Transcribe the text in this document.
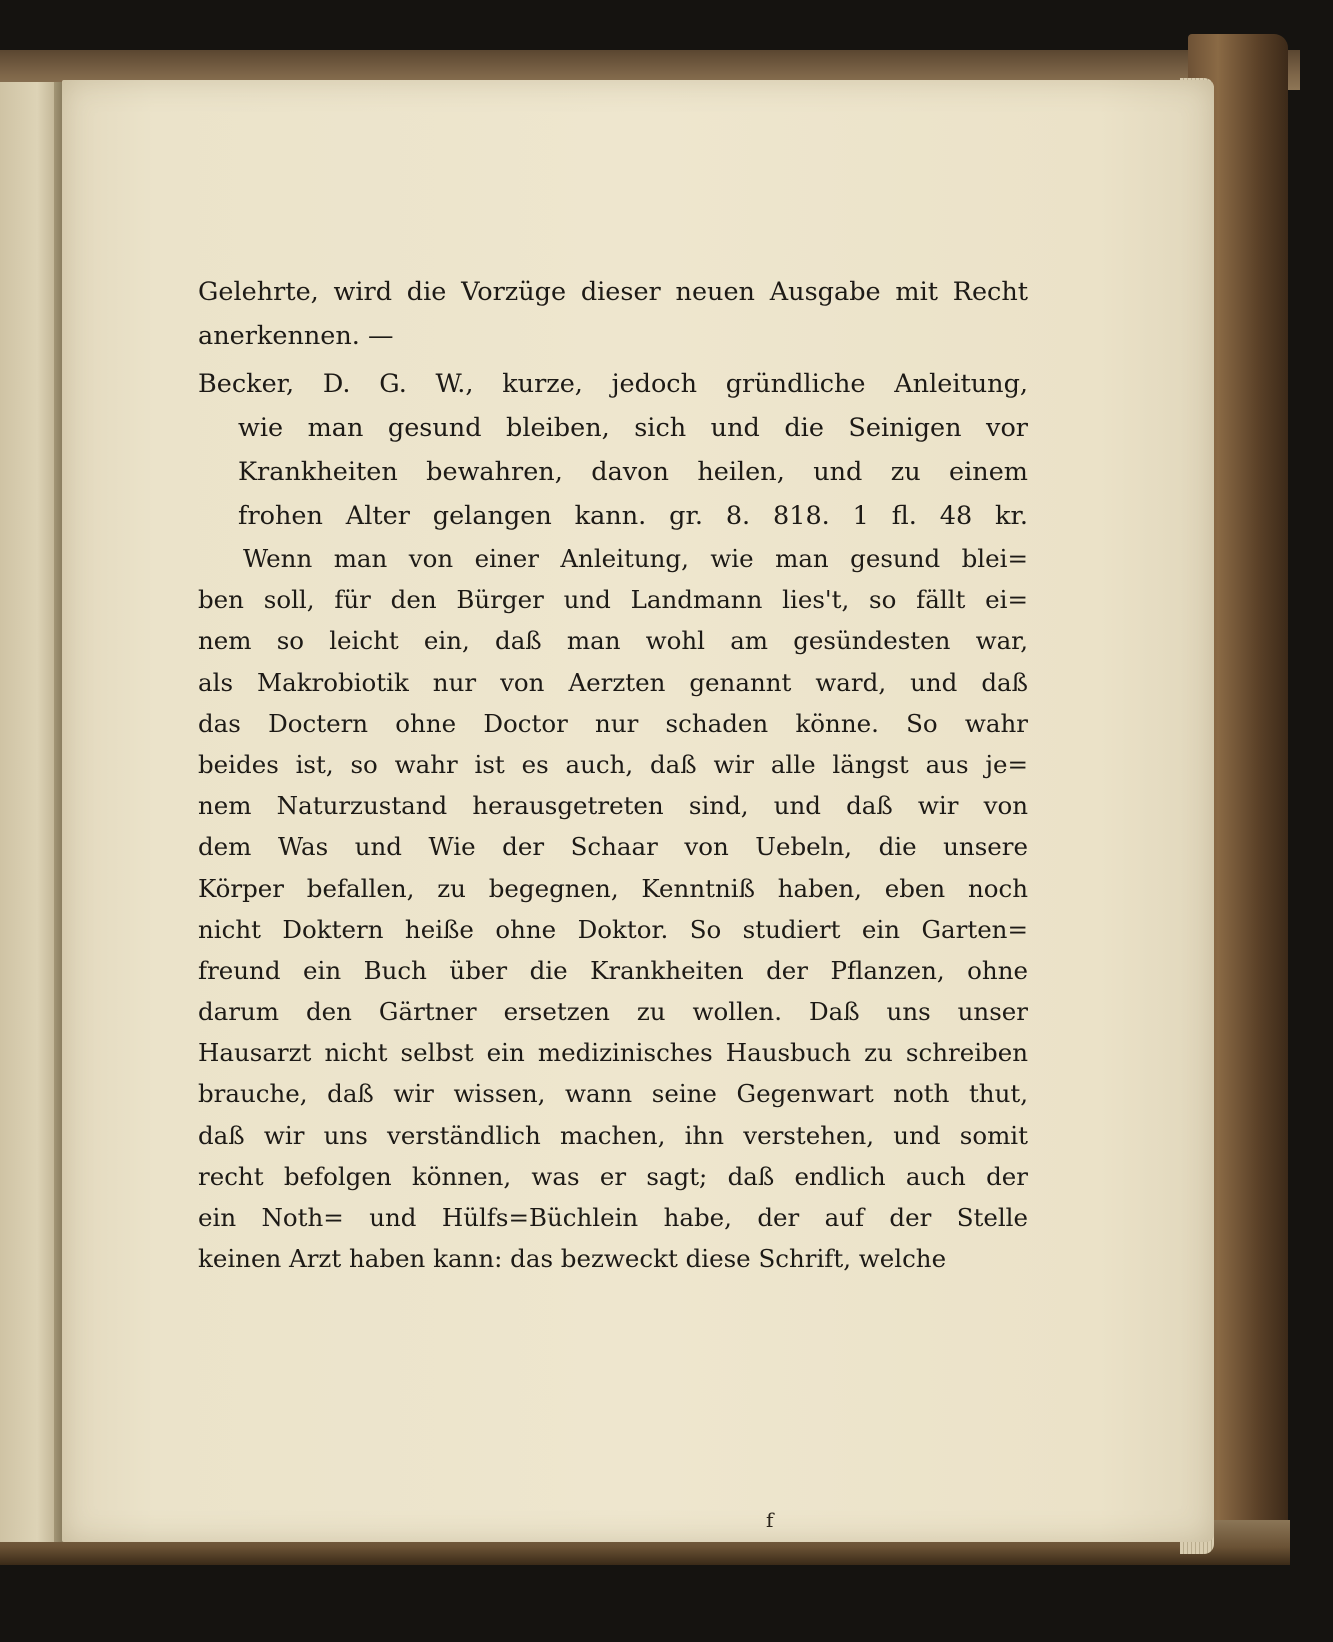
Gelehrte, wird die Vorzüge dieser neuen Ausgabe mit Recht
anerkennen. —
Becker, D. G. W., kurze, jedoch gründliche Anleitung,
wie man gesund bleiben, sich und die Seinigen vor
Krankheiten bewahren, davon heilen, und zu einem
frohen Alter gelangen kann. gr. 8. 818. 1 fl. 48 kr.
Wenn man von einer Anleitung, wie man gesund blei=
ben soll, für den Bürger und Landmann lies't, so fällt ei=
nem so leicht ein, daß man wohl am gesündesten war,
als Makrobiotik nur von Aerzten genannt ward, und daß
das Doctern ohne Doctor nur schaden könne. So wahr
beides ist, so wahr ist es auch, daß wir alle längst aus je=
nem Naturzustand herausgetreten sind, und daß wir von
dem Was und Wie der Schaar von Uebeln, die unsere
Körper befallen, zu begegnen, Kenntniß haben, eben noch
nicht Doktern heiße ohne Doktor. So studiert ein Garten=
freund ein Buch über die Krankheiten der Pflanzen, ohne
darum den Gärtner ersetzen zu wollen. Daß uns unser
Hausarzt nicht selbst ein medizinisches Hausbuch zu schreiben
brauche, daß wir wissen, wann seine Gegenwart noth thut,
daß wir uns verständlich machen, ihn verstehen, und somit
recht befolgen können, was er sagt; daß endlich auch der
ein Noth= und Hülfs=Büchlein habe, der auf der Stelle
keinen Arzt haben kann: das bezweckt diese Schrift, welche
f
